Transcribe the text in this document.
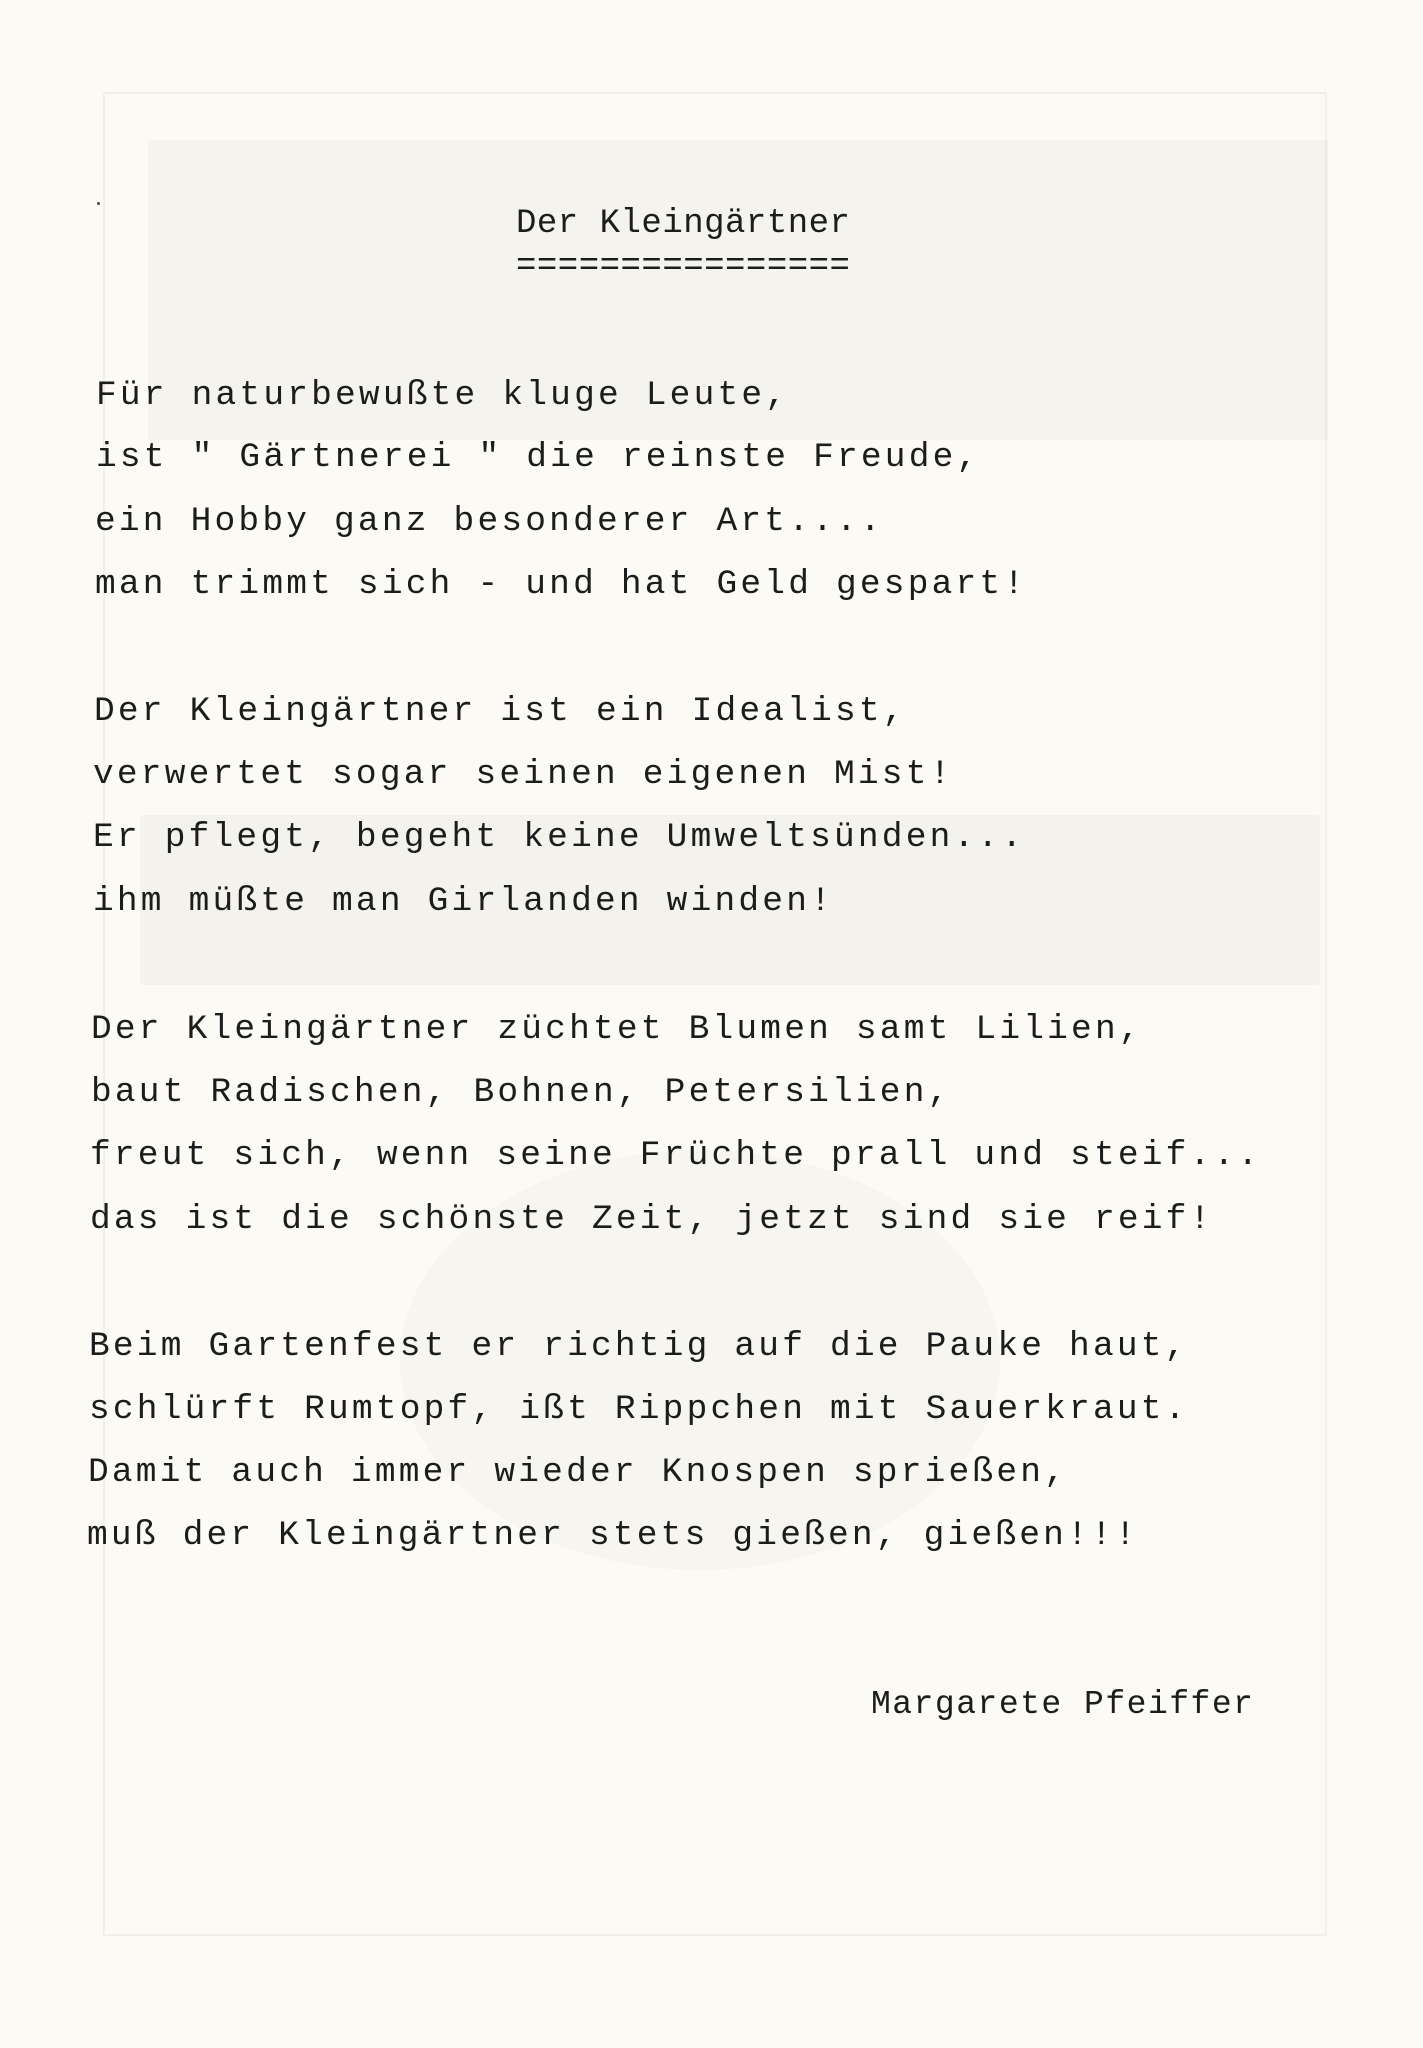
Der Kleingärtner
================
Für naturbewußte kluge Leute,
ist " Gärtnerei " die reinste Freude,
ein Hobby ganz besonderer Art....
man trimmt sich - und hat Geld gespart!
Der Kleingärtner ist ein Idealist,
verwertet sogar seinen eigenen Mist!
Er pflegt, begeht keine Umweltsünden...
ihm müßte man Girlanden winden!
Der Kleingärtner züchtet Blumen samt Lilien,
baut Radischen, Bohnen, Petersilien,
freut sich, wenn seine Früchte prall und steif...
das ist die schönste Zeit, jetzt sind sie reif!
Beim Gartenfest er richtig auf die Pauke haut,
schlürft Rumtopf, ißt Rippchen mit Sauerkraut.
Damit auch immer wieder Knospen sprießen,
muß der Kleingärtner stets gießen, gießen!!!
Margarete Pfeiffer
